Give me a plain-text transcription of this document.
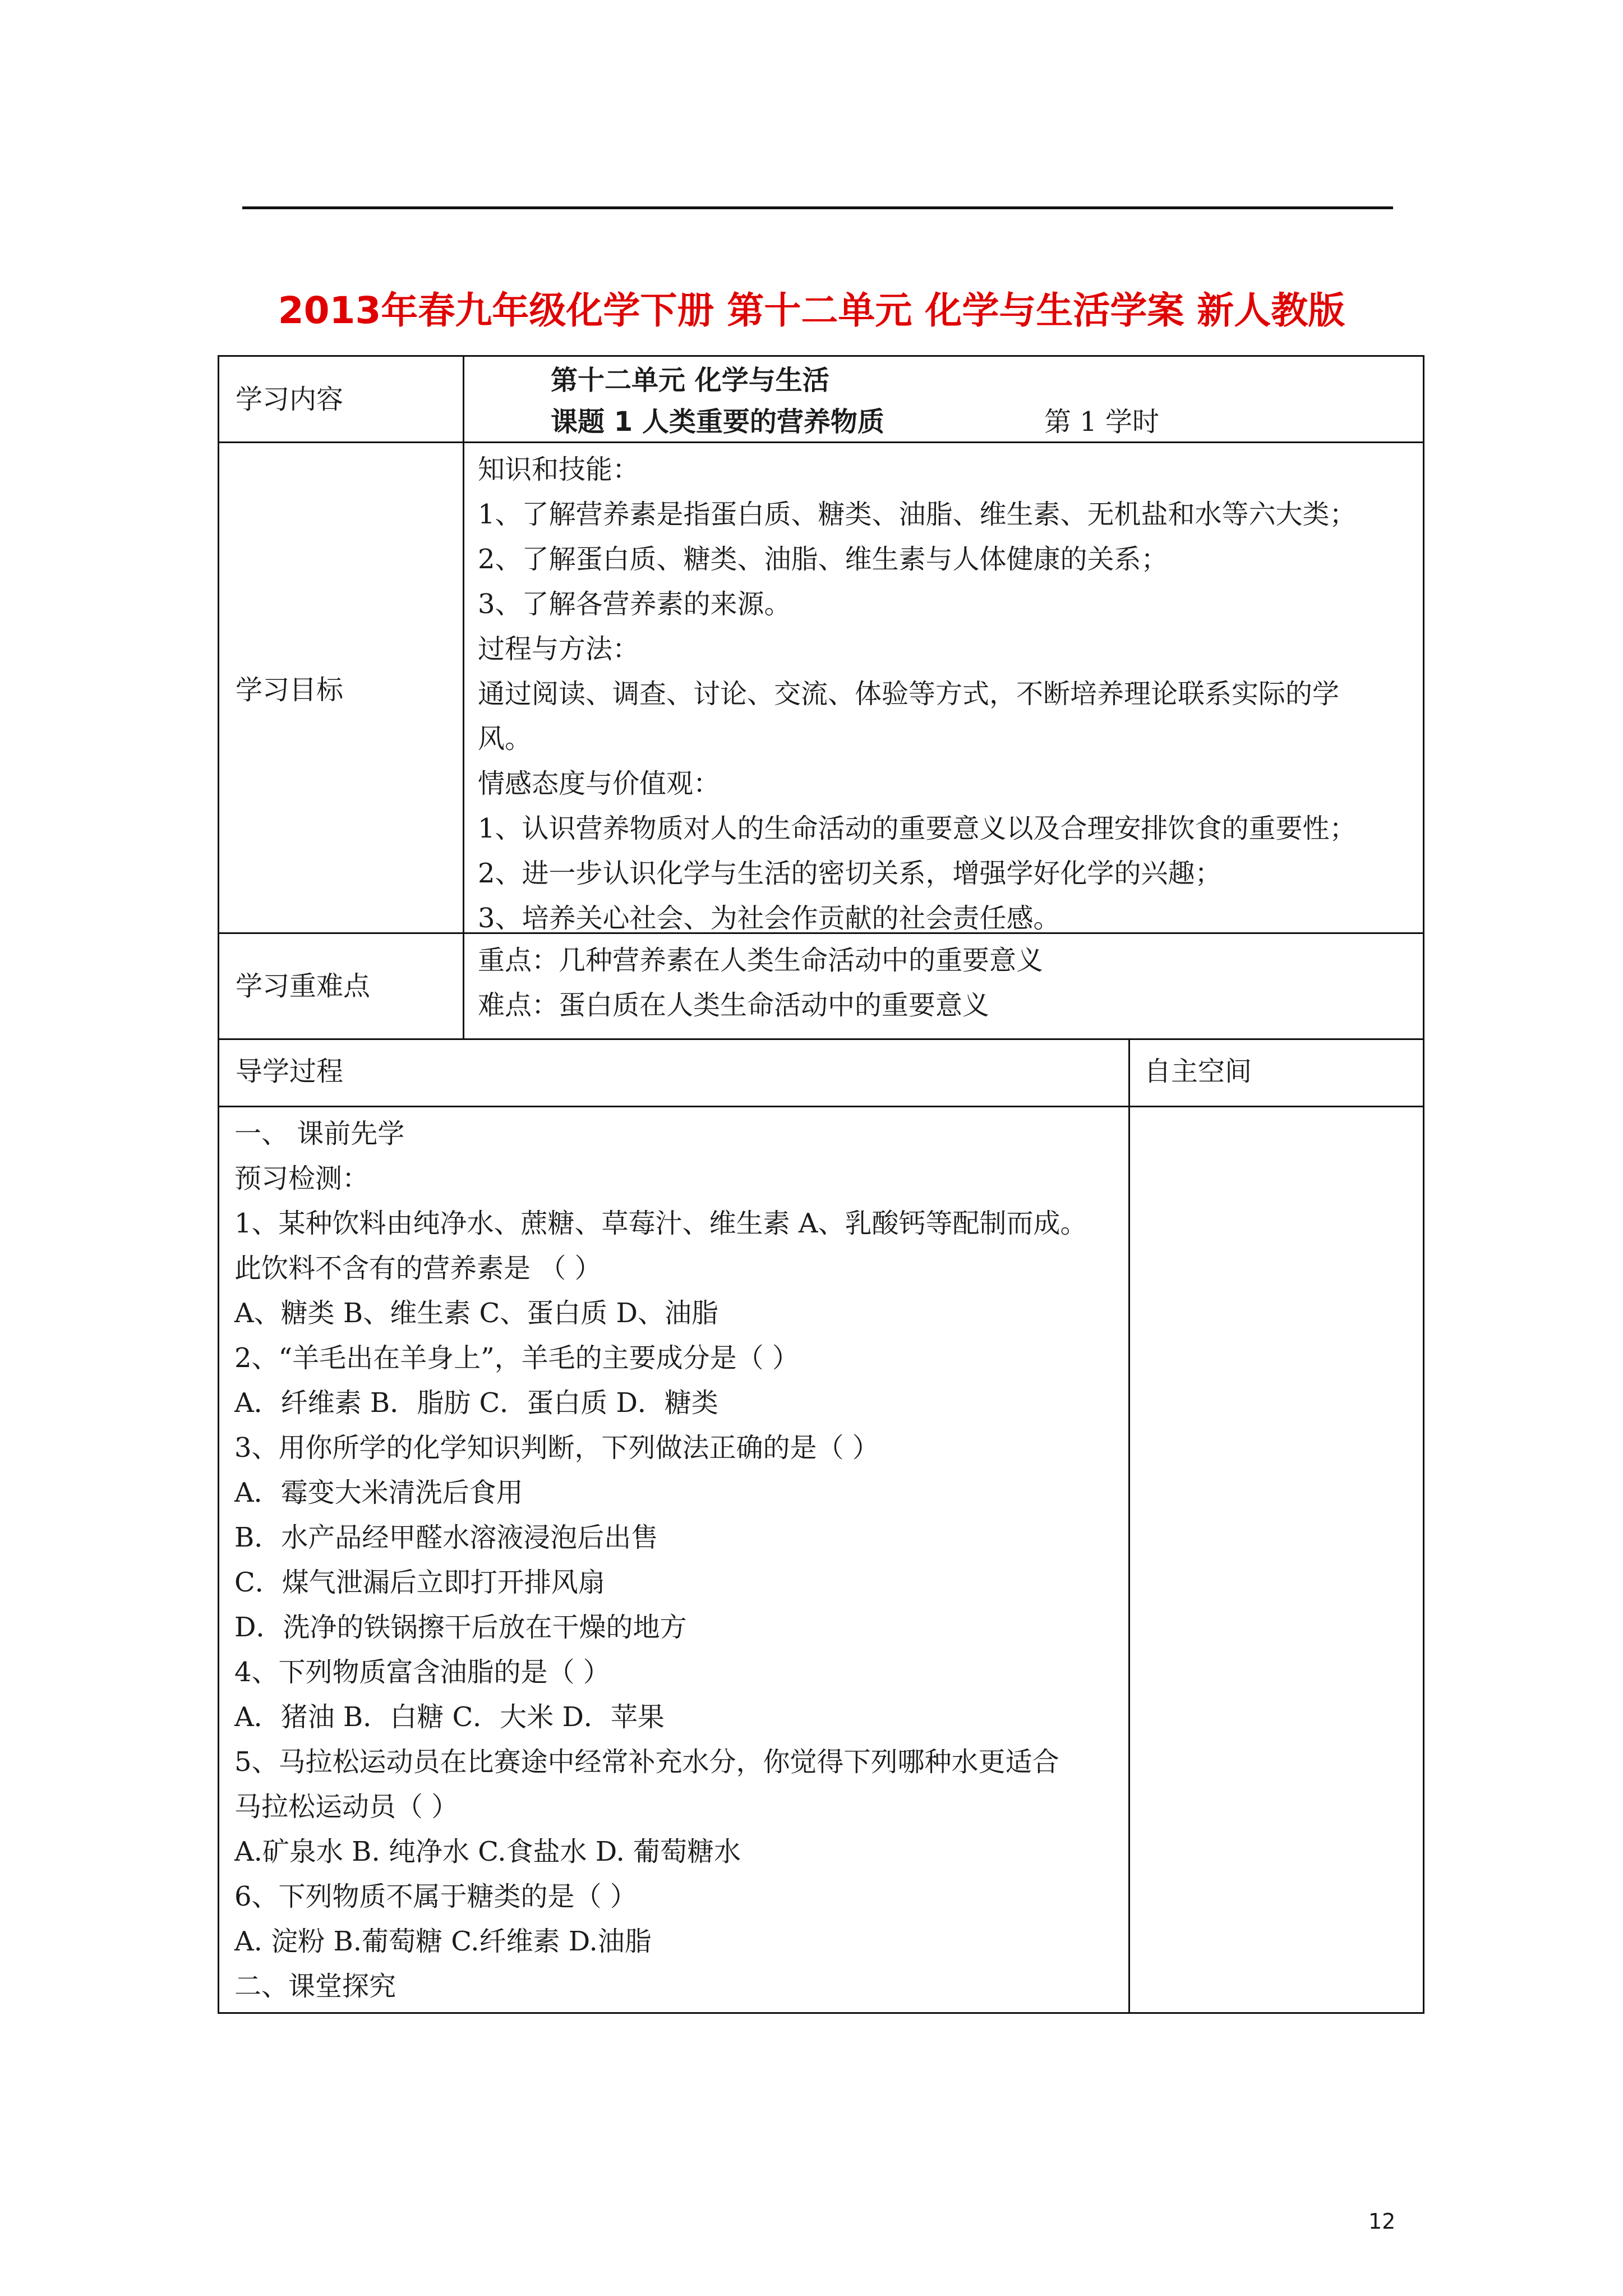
2013年春九年级化学下册 第十二单元 化学与生活学案 新人教版
学习内容
第十二单元 化学与生活
课题 1 人类重要的营养物质	第 1 学时
学习目标
知识和技能：
1、了解营养素是指蛋白质、糖类、油脂、维生素、无机盐和水等六大类；
2、了解蛋白质、糖类、油脂、维生素与人体健康的关系；
3、了解各营养素的来源。
过程与方法：
通过阅读、调查、讨论、交流、体验等方式，不断培养理论联系实际的学
风。
情感态度与价值观：
1、认识营养物质对人的生命活动的重要意义以及合理安排饮食的重要性；
2、进一步认识化学与生活的密切关系，增强学好化学的兴趣；
3、培养关心社会、为社会作贡献的社会责任感。
学习重难点
重点：几种营养素在人类生命活动中的重要意义
难点：蛋白质在人类生命活动中的重要意义
导学过程	自主空间
一、 课前先学
预习检测：
1、某种饮料由纯净水、蔗糖、草莓汁、维生素 A、乳酸钙等配制而成。
此饮料不含有的营养素是 （ ）
A、糖类 B、维生素 C、蛋白质 D、油脂
2、“羊毛出在羊身上”，羊毛的主要成分是（ ）
A．纤维素 B．脂肪 C．蛋白质 D．糖类
3、用你所学的化学知识判断，下列做法正确的是（ ）
A．霉变大米清洗后食用
B．水产品经甲醛水溶液浸泡后出售
C．煤气泄漏后立即打开排风扇
D．洗净的铁锅擦干后放在干燥的地方
4、下列物质富含油脂的是（ ）
A．猪油 B．白糖 C．大米 D．苹果
5、马拉松运动员在比赛途中经常补充水分，你觉得下列哪种水更适合
马拉松运动员（ ）
A.矿泉水 B. 纯净水 C.食盐水 D. 葡萄糖水
6、下列物质不属于糖类的是（ ）
A. 淀粉 B.葡萄糖 C.纤维素 D.油脂
二、课堂探究
12
